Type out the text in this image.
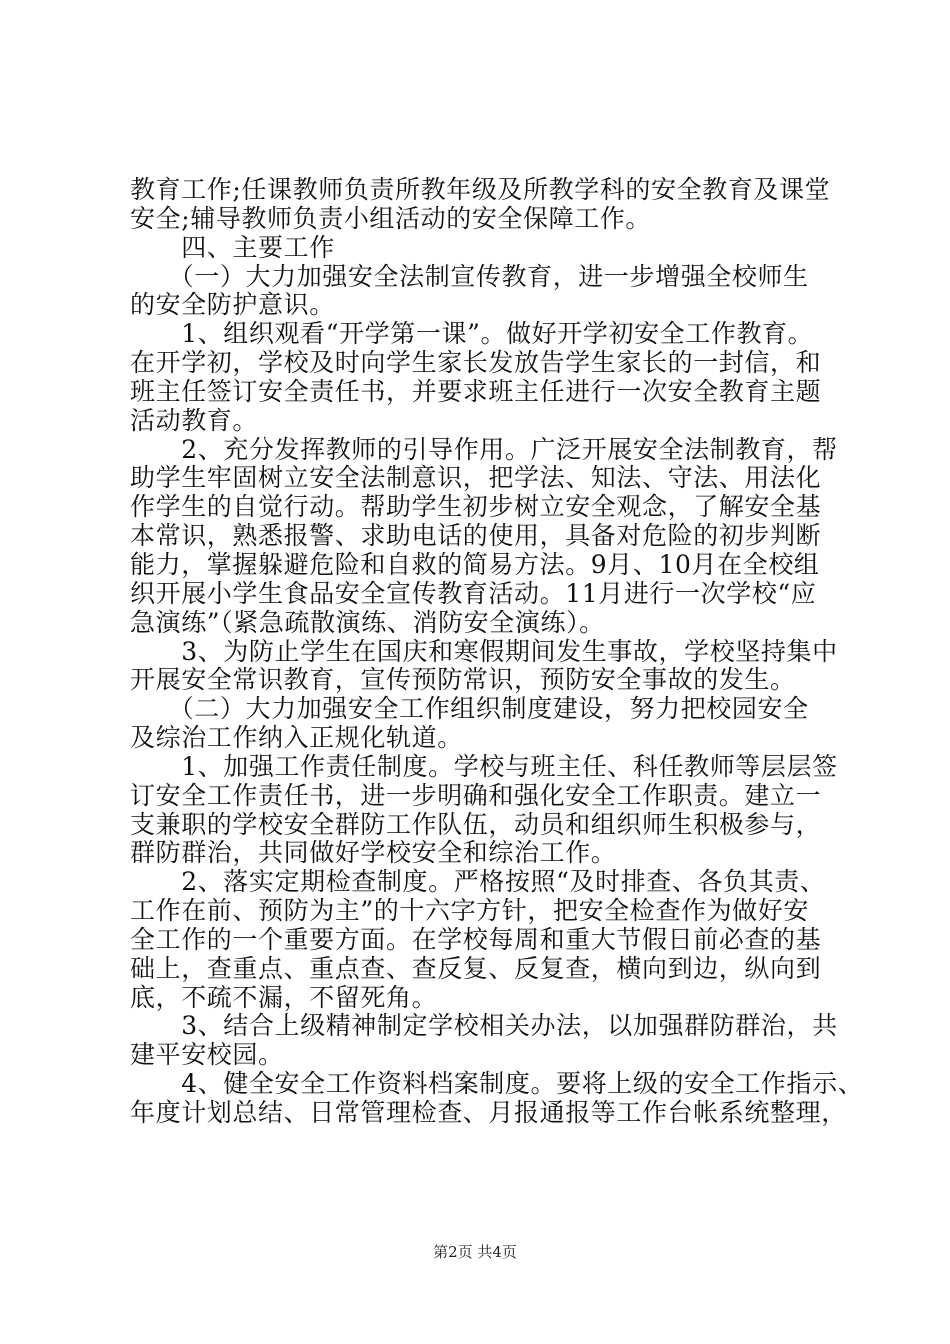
教育工作;任课教师负责所教年级及所教学科的安全教育及课堂
安全;辅导教师负责小组活动的安全保障工作。
　　四、主要工作
　　（一）大力加强安全法制宣传教育，进一步增强全校师生
的安全防护意识。
　　1、组织观看“开学第一课”。做好开学初安全工作教育。
在开学初，学校及时向学生家长发放告学生家长的一封信，和
班主任签订安全责任书，并要求班主任进行一次安全教育主题
活动教育。
　　2、充分发挥教师的引导作用。广泛开展安全法制教育，帮
助学生牢固树立安全法制意识，把学法、知法、守法、用法化
作学生的自觉行动。帮助学生初步树立安全观念，了解安全基
本常识，熟悉报警、求助电话的使用，具备对危险的初步判断
能力，掌握躲避危险和自救的简易方法。9月、10月在全校组
织开展小学生食品安全宣传教育活动。11月进行一次学校“应
急演练”（紧急疏散演练、消防安全演练）。
　　3、为防止学生在国庆和寒假期间发生事故，学校坚持集中
开展安全常识教育，宣传预防常识，预防安全事故的发生。
　　（二）大力加强安全工作组织制度建设，努力把校园安全
及综治工作纳入正规化轨道。
　　1、加强工作责任制度。学校与班主任、科任教师等层层签
订安全工作责任书，进一步明确和强化安全工作职责。建立一
支兼职的学校安全群防工作队伍，动员和组织师生积极参与，
群防群治，共同做好学校安全和综治工作。
　　2、落实定期检查制度。严格按照“及时排查、各负其责、
工作在前、预防为主”的十六字方针，把安全检查作为做好安
全工作的一个重要方面。在学校每周和重大节假日前必查的基
础上，查重点、重点查、查反复、反复查，横向到边，纵向到
底，不疏不漏，不留死角。
　　3、结合上级精神制定学校相关办法，以加强群防群治，共
建平安校园。
　　4、健全安全工作资料档案制度。要将上级的安全工作指示、
年度计划总结、日常管理检查、月报通报等工作台帐系统整理，
第2页 共4页
